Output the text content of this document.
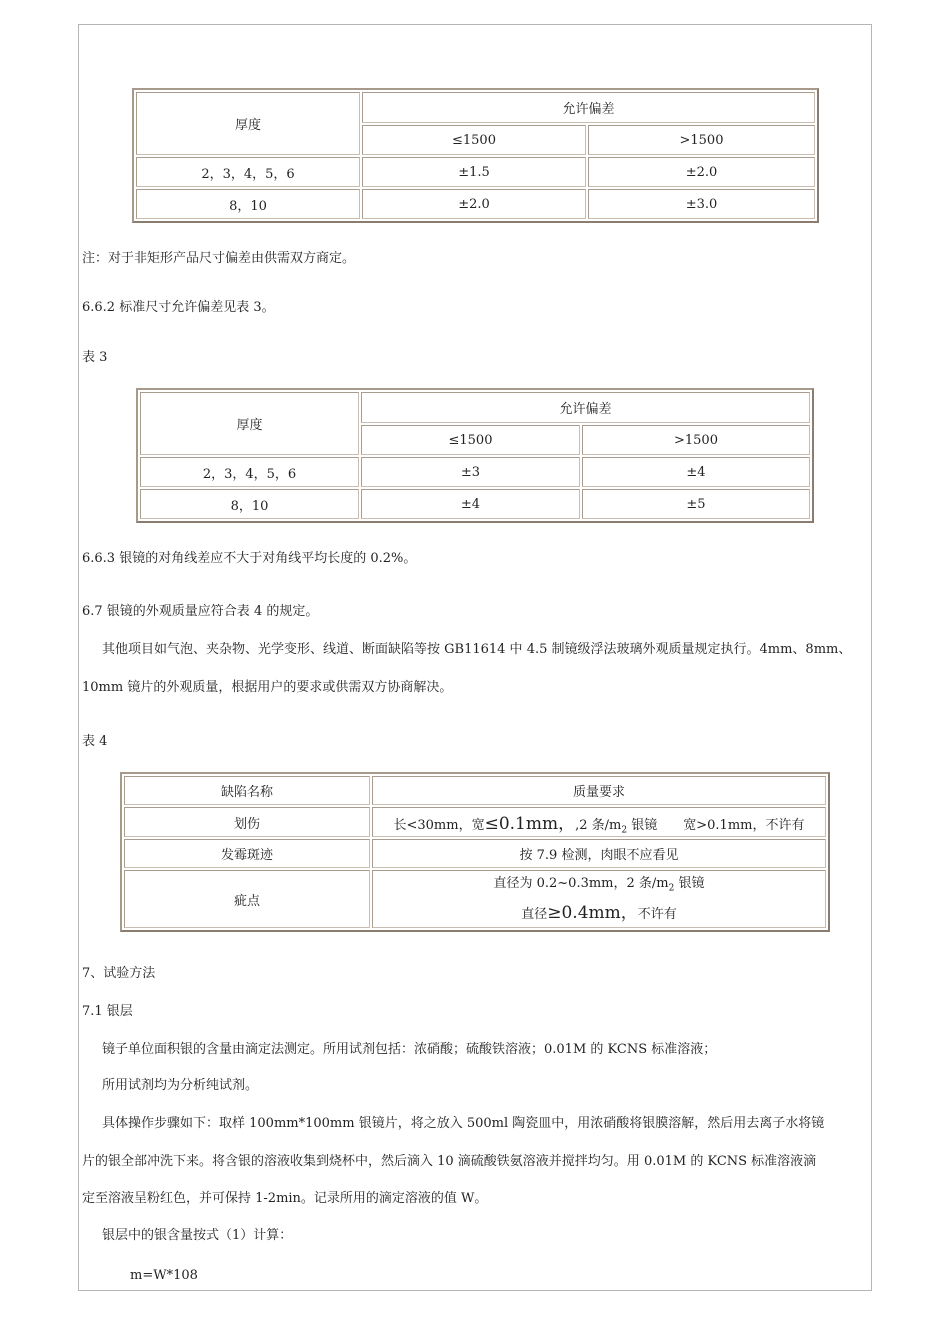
厚度	允许偏差	
	≤1500	>1500
2，3，4，5，6	±1.5	±2.0
8，10	±2.0	±3.0

注：对于非矩形产品尺寸偏差由供需双方商定。

6.6.2 标准尺寸允许偏差见表 3。

表 3

厚度	允许偏差	
	≤1500	>1500
2，3，4，5，6	±3	±4
8，10	±4	±5

6.6.3 银镜的对角线差应不大于对角线平均长度的 0.2%。

6.7 银镜的外观质量应符合表 4 的规定。

其他项目如气泡、夹杂物、光学变形、线道、断面缺陷等按 GB11614 中 4.5 制镜级浮法玻璃外观质量规定执行。4mm、8mm、

10mm 镜片的外观质量，根据用户的要求或供需双方协商解决。

表 4

缺陷名称	质量要求
划伤	长<30mm，宽≤0.1mm，,2 条$/m_2$ 银镜 宽>0.1mm，不许有
发霉斑迹	按 7.9 检测，肉眼不应看见
疵点	直径为 0.2~0.3mm，2 条$/m_2$ 银镜
直径≥0.4mm，不许有

7、试验方法

7.1 银层

镜子单位面积银的含量由滴定法测定。所用试剂包括：浓硝酸；硫酸铁溶液；0.01M 的 KCNS 标准溶液；

所用试剂均为分析纯试剂。

具体操作步骤如下：取样 100mm*100mm 银镜片，将之放入 500ml 陶瓷皿中，用浓硝酸将银膜溶解，然后用去离子水将镜

片的银全部冲洗下来。将含银的溶液收集到烧杯中，然后滴入 10 滴硫酸铁氨溶液并搅拌均匀。用 0.01M 的 KCNS 标准溶液滴

定至溶液呈粉红色，并可保持 1-2min。记录所用的滴定溶液的值 W。

银层中的银含量按式（1）计算：

m=W*108
